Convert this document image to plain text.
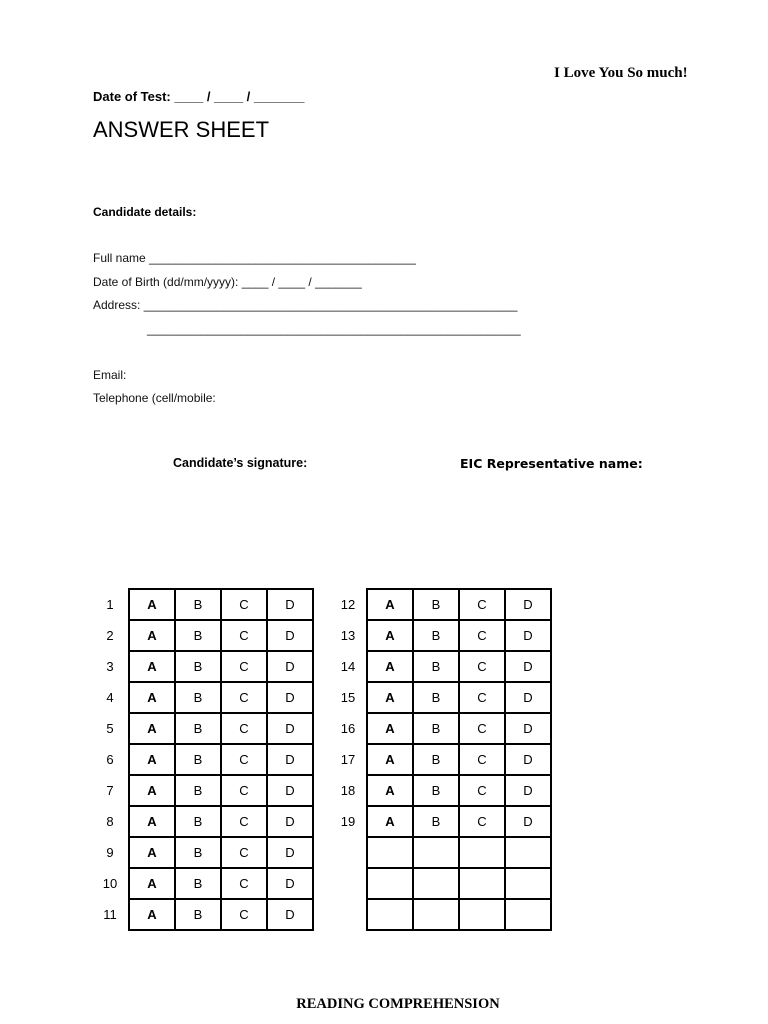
I Love You So much!
Date of Test: ____ / ____ / _______
ANSWER SHEET
Candidate details:
Full name ________________________________________
Date of Birth (dd/mm/yyyy): ____ / ____ / _______
Address: ________________________________________________________
________________________________________________________
Email:
Telephone (cell/mobile:
Candidate’s signature:	EIC Representative name:
1	A	B	C	D
2	A	B	C	D
3	A	B	C	D
4	A	B	C	D
5	A	B	C	D
6	A	B	C	D
7	A	B	C	D
8	A	B	C	D
9	A	B	C	D
10	A	B	C	D
11	A	B	C	D
12	A	B	C	D
13	A	B	C	D
14	A	B	C	D
15	A	B	C	D
16	A	B	C	D
17	A	B	C	D
18	A	B	C	D
19	A	B	C	D

READING COMPREHENSION
